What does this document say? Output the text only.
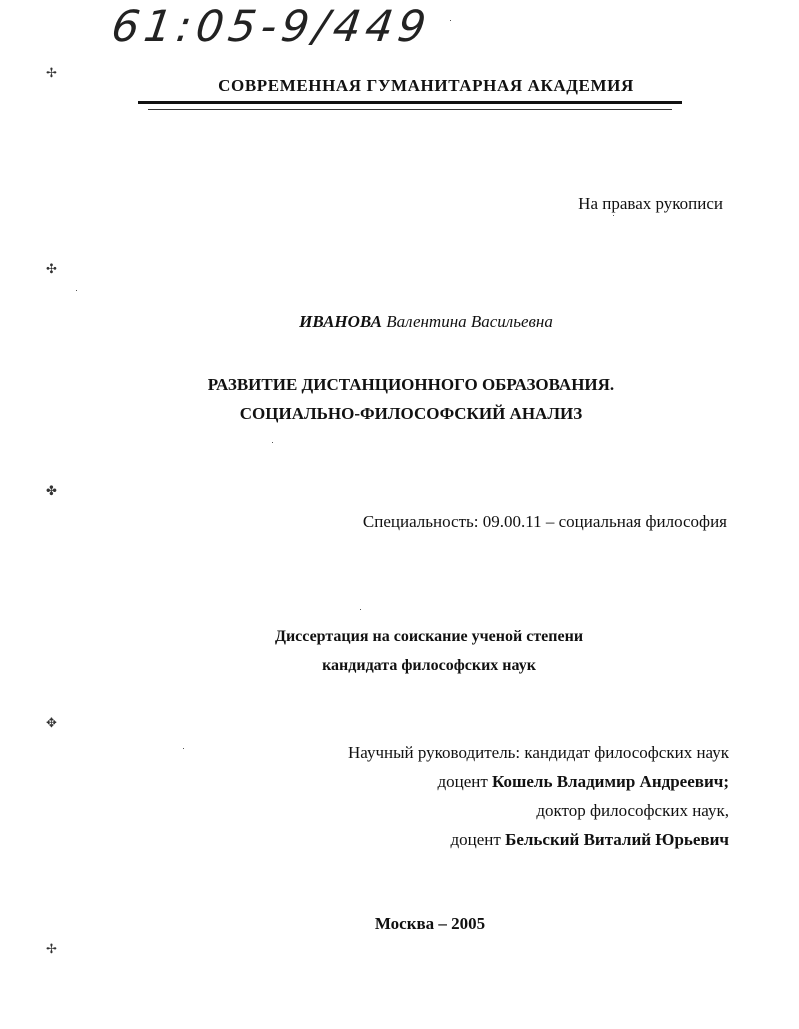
61:05-9/449
СОВРЕМЕННАЯ ГУМАНИТАРНАЯ АКАДЕМИЯ
На правах рукописи
ИВАНОВА Валентина Васильевна
РАЗВИТИЕ ДИСТАНЦИОННОГО ОБРАЗОВАНИЯ.
СОЦИАЛЬНО-ФИЛОСОФСКИЙ АНАЛИЗ
Специальность: 09.00.11 – социальная философия
Диссертация на соискание ученой степени
кандидата философских наук
Научный руководитель: кандидат философских наук
доцент Кошель Владимир Андреевич;
доктор философских наук,
доцент Бельский Виталий Юрьевич
Москва – 2005
✢
✣
✤
✥
✢
